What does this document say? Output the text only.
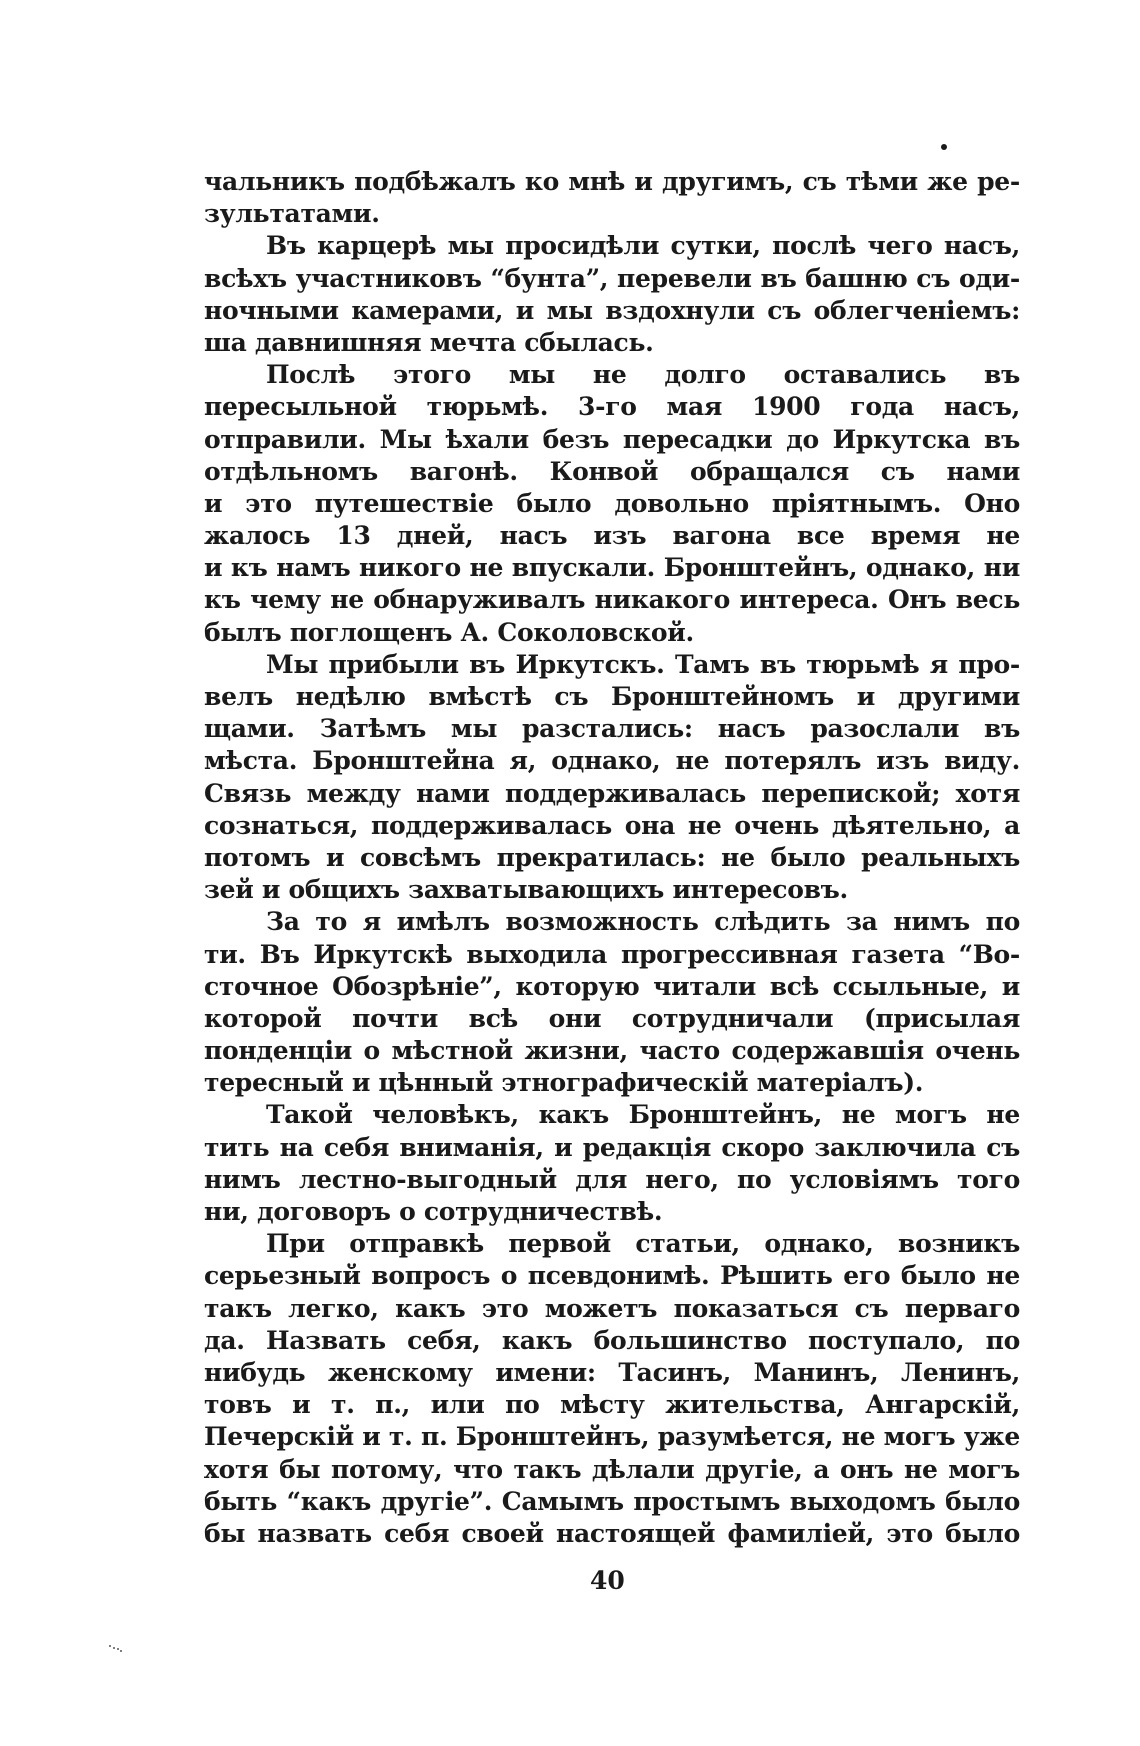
чальникъ подбѣжалъ ко мнѣ и другимъ, съ тѣми же ре-
зультатами.
Въ карцерѣ мы просидѣли сутки, послѣ чего насъ,
всѣхъ участниковъ “бунта”, перевели въ башню съ оди-
ночными камерами, и мы вздохнули съ облегченіемъ:
ша давнишняя мечта сбылась.
Послѣ этого мы не долго оставались въ
пересыльной тюрьмѣ. 3-го мая 1900 года насъ,
отправили. Мы ѣхали безъ пересадки до Иркутска въ
отдѣльномъ вагонѣ. Конвой обращался съ нами
и это путешествіе было довольно пріятнымъ. Оно
жалось 13 дней, насъ изъ вагона все время не
и къ намъ никого не впускали. Бронштейнъ, однако, ни
къ чему не обнаруживалъ никакого интереса. Онъ весь
былъ поглощенъ А. Соколовской.
Мы прибыли въ Иркутскъ. Тамъ въ тюрьмѣ я про-
велъ недѣлю вмѣстѣ съ Бронштейномъ и другими
щами. Затѣмъ мы разстались: насъ разослали въ
мѣста. Бронштейна я, однако, не потерялъ изъ виду.
Связь между нами поддерживалась перепиской; хотя
сознаться, поддерживалась она не очень дѣятельно, а
потомъ и совсѣмъ прекратилась: не было реальныхъ
зей и общихъ захватывающихъ интересовъ.
За то я имѣлъ возможность слѣдить за нимъ по
ти. Въ Иркутскѣ выходила прогрессивная газета “Во-
сточное Обозрѣніе”, которую читали всѣ ссыльные, и
которой почти всѣ они сотрудничали (присылая
понденціи о мѣстной жизни, часто содержавшія очень
тересный и цѣнный этнографическій матеріалъ).
Такой человѣкъ, какъ Бронштейнъ, не могъ не
тить на себя вниманія, и редакція скоро заключила съ
нимъ лестно-выгодный для него, по условіямъ того
ни, договоръ о сотрудничествѣ.
При отправкѣ первой статьи, однако, возникъ
серьезный вопросъ о псевдонимѣ. Рѣшить его было не
такъ легко, какъ это можетъ показаться съ перваго
да. Назвать себя, какъ большинство поступало, по
нибудь женскому имени: Тасинъ, Манинъ, Ленинъ,
товъ и т. п., или по мѣсту жительства, Ангарскій,
Печерскій и т. п. Бронштейнъ, разумѣется, не могъ уже
хотя бы потому, что такъ дѣлали другіе, а онъ не могъ
быть “какъ другіе”. Самымъ простымъ выходомъ было
бы назвать себя своей настоящей фамиліей, это было
40
